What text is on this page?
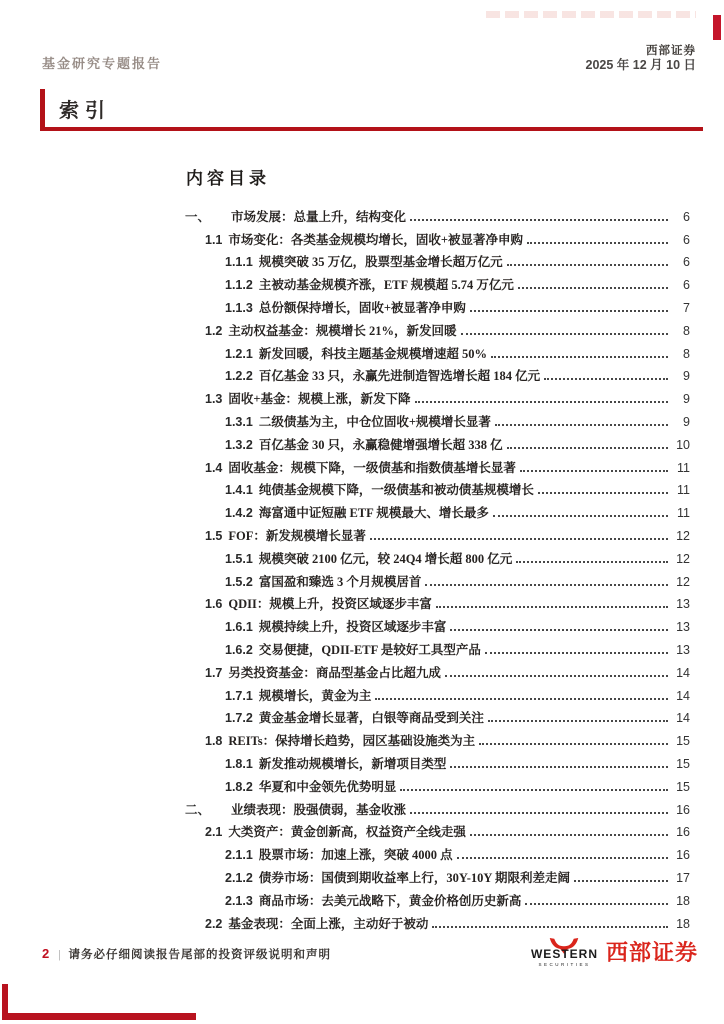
基金研究专题报告
西部证券
2025 年 12 月 10 日
索引
内容目录
一、	市场发展：总量上升，结构变化	6
1.1 市场变化：各类基金规模均增长，固收+被显著净申购	6
1.1.1 规模突破 35 万亿，股票型基金增长超万亿元	6
1.1.2 主被动基金规模齐涨，ETF 规模超 5.74 万亿元	6
1.1.3 总份额保持增长，固收+被显著净申购	7
1.2 主动权益基金：规模增长 21%，新发回暖	8
1.2.1 新发回暖，科技主题基金规模增速超 50%	8
1.2.2 百亿基金 33 只，永赢先进制造智选增长超 184 亿元	9
1.3 固收+基金：规模上涨，新发下降	9
1.3.1 二级债基为主，中仓位固收+规模增长显著	9
1.3.2 百亿基金 30 只，永赢稳健增强增长超 338 亿	10
1.4 固收基金：规模下降，一级债基和指数债基增长显著	11
1.4.1 纯债基金规模下降，一级债基和被动债基规模增长	11
1.4.2 海富通中证短融 ETF 规模最大、增长最多	11
1.5 FOF：新发规模增长显著	12
1.5.1 规模突破 2100 亿元，较 24Q4 增长超 800 亿元	12
1.5.2 富国盈和臻选 3 个月规模居首	12
1.6 QDII：规模上升，投资区域逐步丰富	13
1.6.1 规模持续上升，投资区域逐步丰富	13
1.6.2 交易便捷，QDII-ETF 是较好工具型产品	13
1.7 另类投资基金：商品型基金占比超九成	14
1.7.1 规模增长，黄金为主	14
1.7.2 黄金基金增长显著，白银等商品受到关注	14
1.8 REITs：保持增长趋势，园区基础设施类为主	15
1.8.1 新发推动规模增长，新增项目类型	15
1.8.2 华夏和中金领先优势明显	15
二、	业绩表现：股强债弱，基金收涨	16
2.1 大类资产：黄金创新高，权益资产全线走强	16
2.1.1 股票市场：加速上涨，突破 4000 点	16
2.1.2 债券市场：国债到期收益率上行，30Y-10Y 期限利差走阔	17
2.1.3 商品市场：去美元战略下，黄金价格创历史新高	18
2.2 基金表现：全面上涨，主动好于被动	18
2 | 请务必仔细阅读报告尾部的投资评级说明和声明	WESTERN
SECURITIES 西部证券
